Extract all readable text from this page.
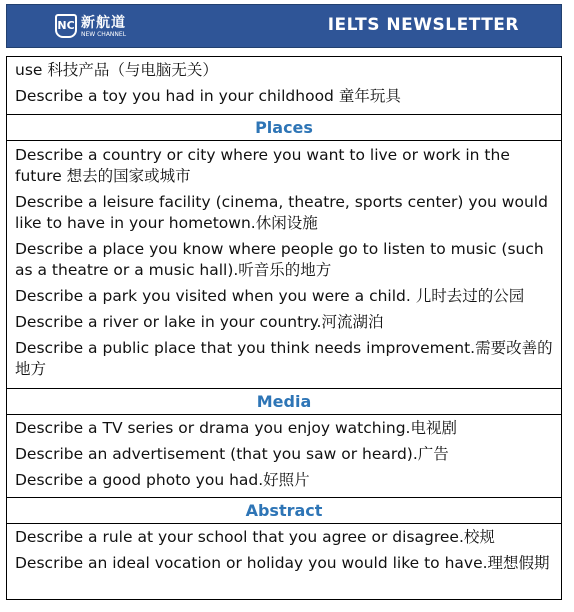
NC 新航道
NEW CHANNEL	IELTS NEWSLETTER
use 科技产品（与电脑无关）
Describe a toy you had in your childhood 童年玩具
Places
Describe a country or city where you want to live or work in the future 想去的国家或城市
Describe a leisure facility (cinema, theatre, sports center) you would like to have in your hometown.休闲设施
Describe a place you know where people go to listen to music (such as a theatre or a music hall).听音乐的地方
Describe a park you visited when you were a child. 儿时去过的公园
Describe a river or lake in your country.河流湖泊
Describe a public place that you think needs improvement.需要改善的地方
Media
Describe a TV series or drama you enjoy watching.电视剧
Describe an advertisement (that you saw or heard).广告
Describe a good photo you had.好照片
Abstract
Describe a rule at your school that you agree or disagree.校规
Describe an ideal vocation or holiday you would like to have.理想假期
